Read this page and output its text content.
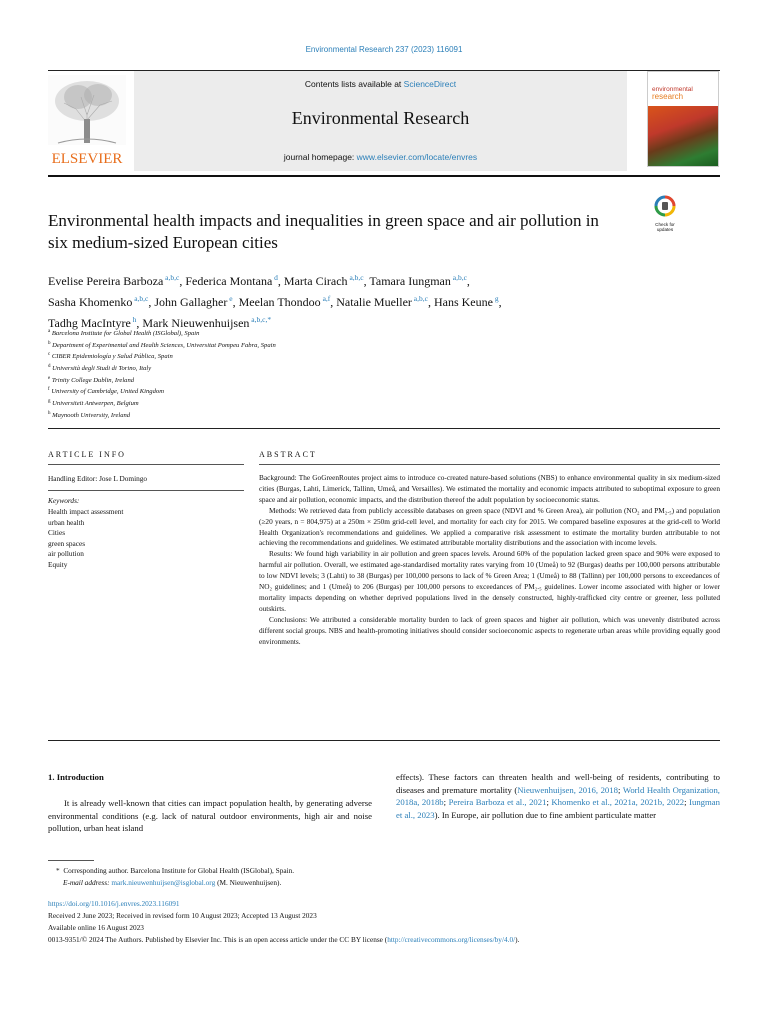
Environmental Research 237 (2023) 116091
ELSEVIER
Contents lists available at ScienceDirect
Environmental Research
journal homepage: www.elsevier.com/locate/envres
environmental
research
Check for updates
Environmental health impacts and inequalities in green space and air pollution in six medium-sized European cities
Evelise Pereira Barboza $^{a,b,c}$, Federica Montana $^d$, Marta Cirach $^{a,b,c}$, Tamara Iungman $^{a,b,c}$,
Sasha Khomenko $^{a,b,c}$, John Gallagher $^e$, Meelan Thondoo $^{a,f}$, Natalie Mueller $^{a,b,c}$, Hans Keune $^g$,
Tadhg MacIntyre $^h$, Mark Nieuwenhuijsen $^{a,b,c,*}$
$^a$ Barcelona Institute for Global Health (ISGlobal), Spain
$^b$ Department of Experimental and Health Sciences, Universitat Pompeu Fabra, Spain
$^c$ CIBER Epidemiología y Salud Pública, Spain
$^d$ Università degli Studi di Torino, Italy
$^e$ Trinity College Dublin, Ireland
$^f$ University of Cambridge, United Kingdom
$^g$ Universiteit Antwerpen, Belgium
$^h$ Maynooth University, Ireland
ARTICLE INFO
Handling Editor: Jose L Domingo
Keywords:
Health impact assessment
urban health
Cities
green spaces
air pollution
Equity
ABSTRACT

Background: The GoGreenRoutes project aims to introduce co-created nature-based solutions (NBS) to enhance environmental quality in six medium-sized cities (Burgas, Lahti, Limerick, Tallinn, Umeå, and Versailles). We estimated the mortality and economic impacts attributed to suboptimal exposure to green space and air pollution, economic impacts, and the distribution thereof the adult population by socioeconomic status.

Methods: We retrieved data from publicly accessible databases on green space (NDVI and % Green Area), air pollution (NO₂ and PM₂.₅) and population (≥20 years, n = 804,975) at a 250m × 250m grid-cell level, and mortality for each city for 2015. We compared baseline exposures at the grid-cell to World Health Organization's recommendations and guidelines. We applied a comparative risk assessment to estimate the mortality burden attributable to not achieving the recommendations and guidelines. We estimated attributable mortality distributions and the association with income levels.

Results: We found high variability in air pollution and green spaces levels. Around 60% of the population lacked green space and 90% were exposed to harmful air pollution. Overall, we estimated age-standardised mortality rates varying from 10 (Umeå) to 92 (Burgas) deaths per 100,000 persons attributable to low NDVI levels; 3 (Lahti) to 38 (Burgas) per 100,000 persons to lack of % Green Area; 1 (Umeå) to 88 (Tallinn) per 100,000 persons to exceedances of NO₂ guidelines; and 1 (Umeå) to 206 (Burgas) per 100,000 persons to exceedances of PM₂.₅ guidelines. Lower income associated with higher or lower mortality impacts depending on whether deprived populations lived in the densely constructed, highly-trafficked city centre or greener, less polluted outskirts.

Conclusions: We attributed a considerable mortality burden to lack of green spaces and higher air pollution, which was unevenly distributed across different social groups. NBS and health-promoting initiatives should consider socioeconomic aspects to regenerate urban areas while providing equally good environments.

1. Introduction

It is already well-known that cities can impact population health, by generating adverse environmental conditions (e.g. lack of natural outdoor environments, high air and noise pollution, urban heat island

effects). These factors can threaten health and well-being of residents, contributing to diseases and premature mortality (Nieuwenhuijsen, 2016, 2018; World Health Organization, 2018a, 2018b; Pereira Barboza et al., 2021; Khomenko et al., 2021a, 2021b, 2022; Iungman et al., 2023). In Europe, air pollution due to fine ambient particulate matter

* Corresponding author. Barcelona Institute for Global Health (ISGlobal), Spain.
E-mail address: mark.nieuwenhuijsen@isglobal.org (M. Nieuwenhuijsen).
https://doi.org/10.1016/j.envres.2023.116091
Received 2 June 2023; Received in revised form 10 August 2023; Accepted 13 August 2023
Available online 16 August 2023
0013-9351/© 2024 The Authors. Published by Elsevier Inc. This is an open access article under the CC BY license (http://creativecommons.org/licenses/by/4.0/).
